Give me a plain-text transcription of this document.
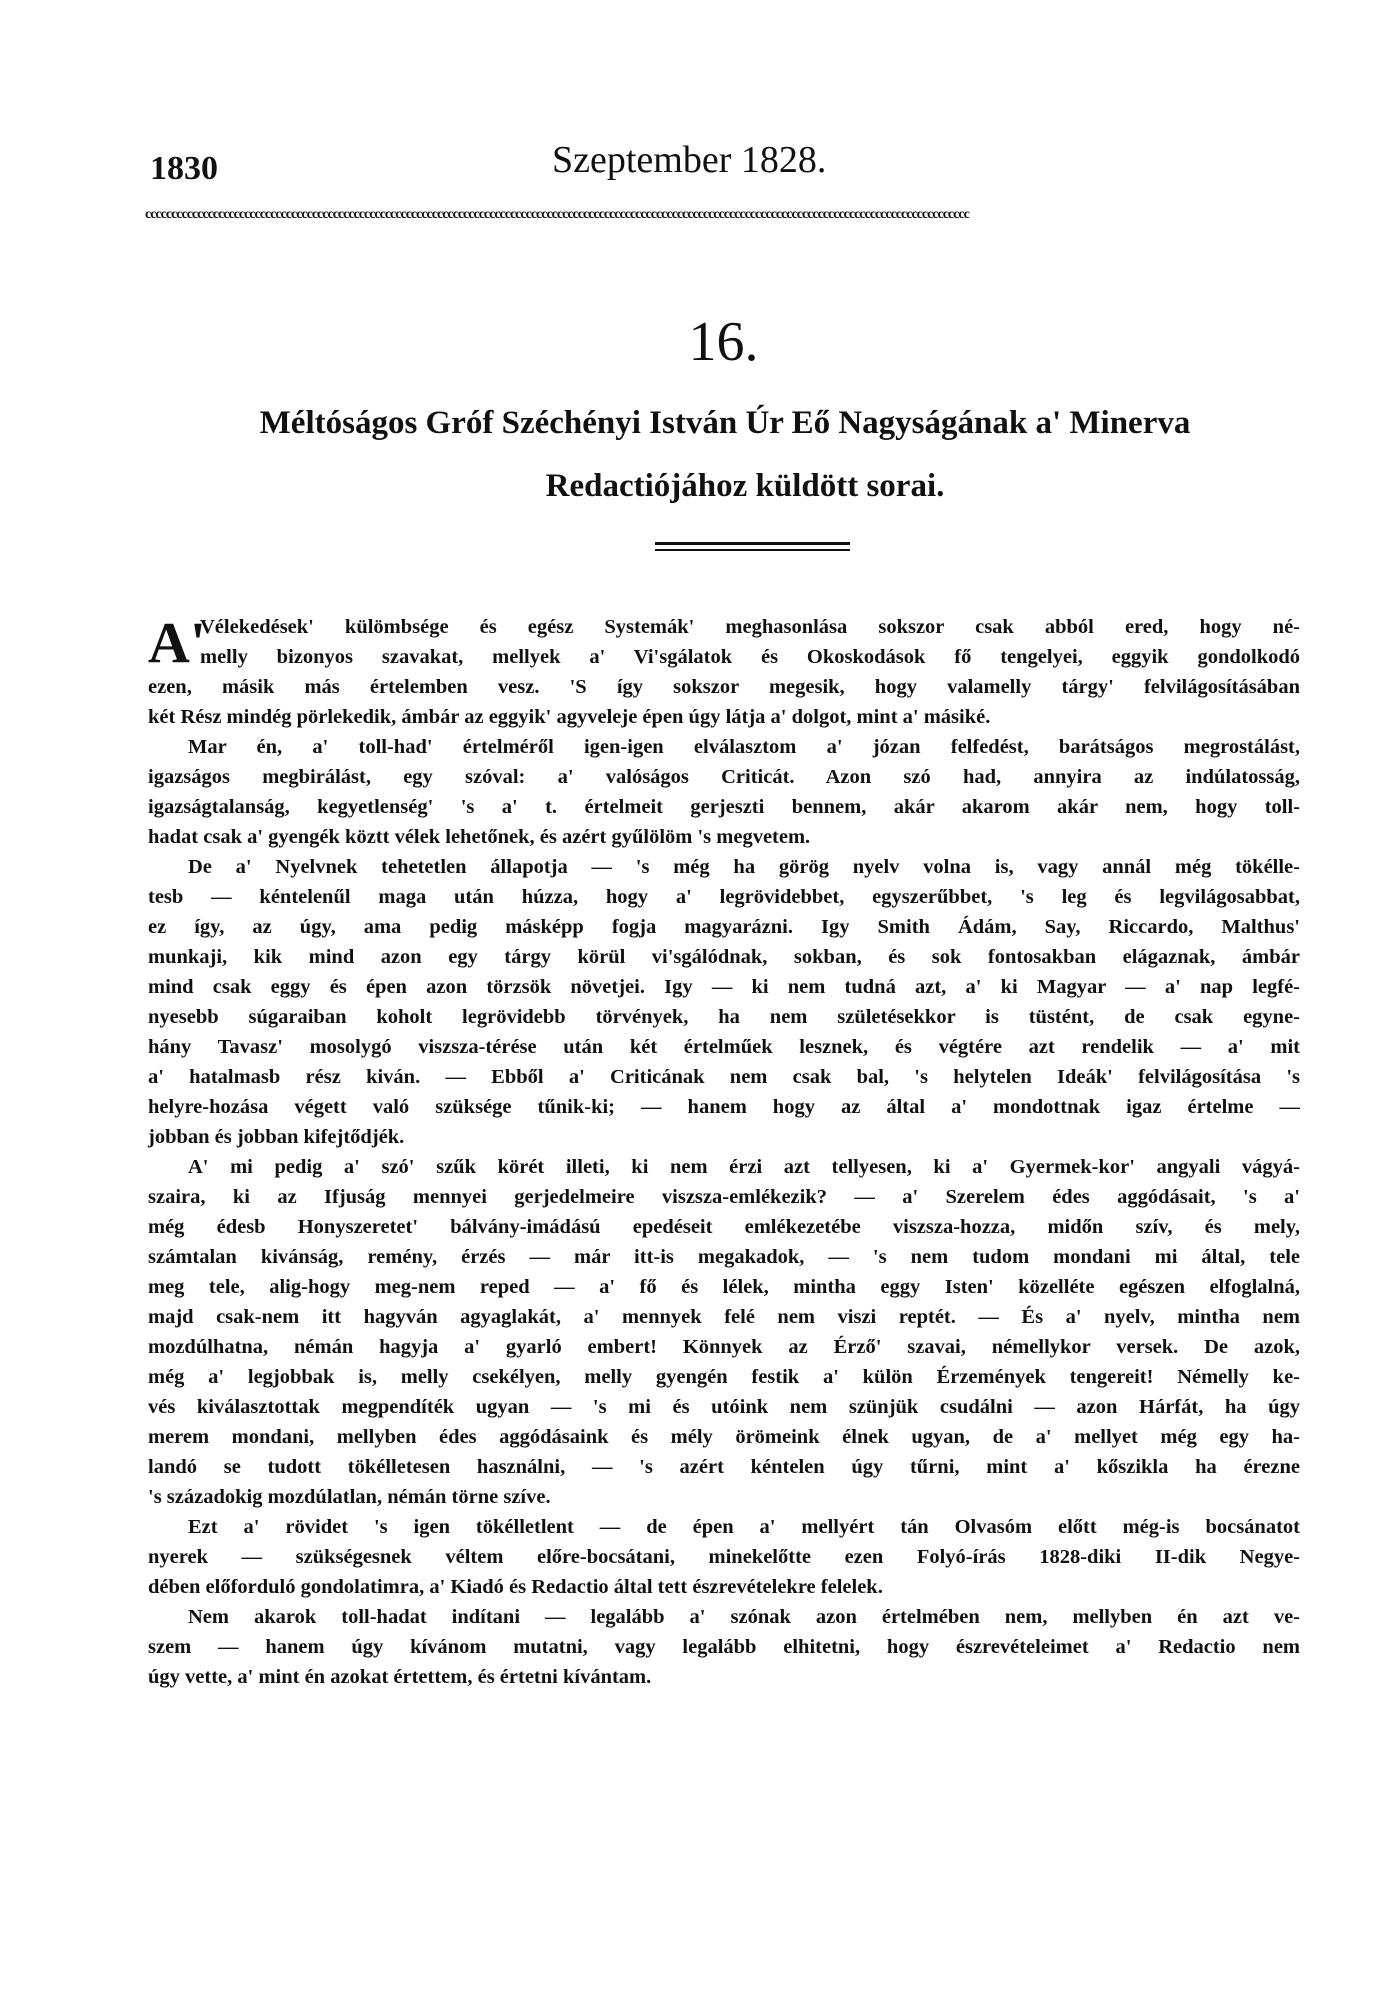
1830	Szeptember 1828.
cccccccccccccccccccccccccccccccccccccccccccccccccccccccccccccccccccccccccccccccccccccccccccccccccccccccccccccccccccccccccccccccccccccccccccccccccccccccccccccc
16.
Méltóságos Gróf Széchényi István Úr Eő Nagyságának a' Minerva
Redactiójához küldött sorai.
A'
Vélekedések' külömbsége és egész Systemák' meghasonlása sokszor csak abból ered, hogy né-
melly bizonyos szavakat, mellyek a' Vi'sgálatok és Okoskodások fő tengelyei, eggyik gondolkodó
ezen, másik más értelemben vesz. 'S így sokszor megesik, hogy valamelly tárgy' felvilágosításában
két Rész mindég pörlekedik, ámbár az eggyik' agyveleje épen úgy látja a' dolgot, mint a' másiké.
Mar én, a' toll-had' értelméről igen-igen elválasztom a' józan felfedést, barátságos megrostálást,
igazságos megbirálást, egy szóval: a' valóságos Criticát. Azon szó had, annyira az indúlatosság,
igazságtalanság, kegyetlenség' 's a' t. értelmeit gerjeszti bennem, akár akarom akár nem, hogy toll-
hadat csak a' gyengék köztt vélek lehetőnek, és azért gyűlölöm 's megvetem.
De a' Nyelvnek tehetetlen állapotja — 's még ha görög nyelv volna is, vagy annál még tökélle-
tesb — kéntelenűl maga után húzza, hogy a' legrövidebbet, egyszerűbbet, 's leg és legvilágosabbat,
ez így, az úgy, ama pedig másképp fogja magyarázni. Igy Smith Ádám, Say, Riccardo, Malthus'
munkaji, kik mind azon egy tárgy körül vi'sgálódnak, sokban, és sok fontosakban elágaznak, ámbár
mind csak eggy és épen azon törzsök növetjei. Igy — ki nem tudná azt, a' ki Magyar — a' nap legfé-
nyesebb súgaraiban koholt legrövidebb törvények, ha nem születésekkor is tüstént, de csak egyne-
hány Tavasz' mosolygó viszsza-térése után két értelműek lesznek, és végtére azt rendelik — a' mit
a' hatalmasb rész kiván. — Ebből a' Criticának nem csak bal, 's helytelen Ideák' felvilágosítása 's
helyre-hozása végett való szüksége tűnik-ki; — hanem hogy az által a' mondottnak igaz értelme —
jobban és jobban kifejtődjék.
A' mi pedig a' szó' szűk körét illeti, ki nem érzi azt tellyesen, ki a' Gyermek-kor' angyali vágyá-
szaira, ki az Ifjuság mennyei gerjedelmeire viszsza-emlékezik? — a' Szerelem édes aggódásait, 's a'
még édesb Honyszeretet' bálvány-imádású epedéseit emlékezetébe viszsza-hozza, midőn szív, és mely,
számtalan kivánság, remény, érzés — már itt-is megakadok, — 's nem tudom mondani mi által, tele
meg tele, alig-hogy meg-nem reped — a' fő és lélek, mintha eggy Isten' közellétе egészen elfoglalná,
majd csak-nem itt hagyván agyaglakát, a' mennyek felé nem viszi reptét. — És a' nyelv, mintha nem
mozdúlhatna, némán hagyja a' gyarló embert! Könnyek az Érző' szavai, némellykor versek. De azok,
még a' legjobbak is, melly csekélyen, melly gyengén festik a' külön Érzemények tengereit! Némelly ke-
vés kiválasztottak megpendíték ugyan — 's mi és utóink nem szünjük csudálni — azon Hárfát, ha úgy
merem mondani, mellyben édes aggódásaink és mély örömeink élnek ugyan, de a' mellyet még egy ha-
landó se tudott tökélletesen használni, — 's azért kéntelen úgy tűrni, mint a' kőszikla ha érezne
's századokig mozdúlatlan, némán törne szíve.
Ezt a' rövidet 's igen tökélletlent — de épen a' mellyért tán Olvasóm előtt még-is bocsánatot
nyerek — szükségesnek véltem előre-bocsátani, minekelőtte ezen Folyó-írás 1828-diki II-dik Negye-
débеn előforduló gondolatimra, a' Kiadó és Redactio által tett észrevételekre felelek.
Nem akarok toll-hadat indítani — legalább a' szónak azon értelmében nem, mellyben én azt ve-
szem — hanem úgy kívánom mutatni, vagy legalább elhitetni, hogy észrevételeimet a' Redactio nem
úgy vette, a' mint én azokat értettem, és értetni kívántam.
